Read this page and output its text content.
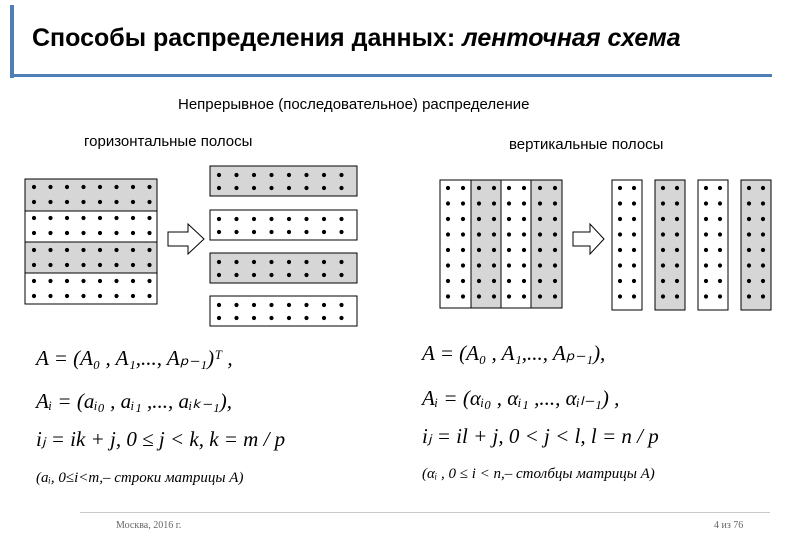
Способы распределения данных: ленточная схема
Непрерывное (последовательное) распределение
горизонтальные полосы	вертикальные полосы
A = (A₀ , A₁,..., Aₚ₋₁)ᵀ ,
Aᵢ = (aᵢ₀ , aᵢ₁ ,..., aᵢₖ₋₁),
iⱼ = ik + j, 0 ≤ j < k, k = m / p
(aᵢ, 0≤i<m,– строки матрицы A)
A = (A₀ , A₁,..., Aₚ₋₁),
Aᵢ = (αᵢ₀ , αᵢ₁ ,..., αᵢₗ₋₁) ,
iⱼ = il + j, 0 < j < l, l = n / p
(αᵢ , 0 ≤ i < n,– столбцы матрицы A)
Москва, 2016 г.	4 из 76
